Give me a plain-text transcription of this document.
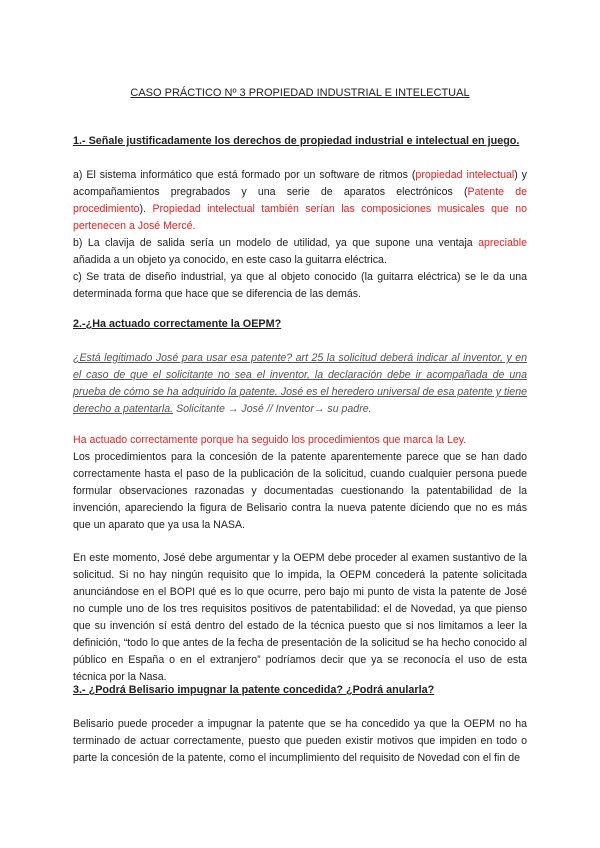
CASO PRÁCTICO Nº 3 PROPIEDAD INDUSTRIAL E INTELECTUAL
1.- Señale justificadamente los derechos de propiedad industrial e intelectual en juego.

a) El sistema informático que está formado por un software de ritmos (propiedad intelectual) y acompañamientos pregrabados y una serie de aparatos electrónicos (Patente de procedimiento). Propiedad intelectual también serían las composiciones musicales que no pertenecen a José Mercé.

b) La clavija de salida sería un modelo de utilidad, ya que supone una ventaja apreciable añadida a un objeto ya conocido, en este caso la guitarra eléctrica.

c) Se trata de diseño industrial, ya que al objeto conocido (la guitarra eléctrica) se le da una determinada forma que hace que se diferencia de las demás.

2.-¿Ha actuado correctamente la OEPM?

¿Está legitimado José para usar esa patente? art 25 la solicitud deberá indicar al inventor, y en el caso de que el solicitante no sea el inventor, la declaración debe ir acompañada de una prueba de cómo se ha adquirido la patente. José es el heredero universal de esa patente y tiene derecho a patentarla. Solicitante → José // Inventor→ su padre.

Ha actuado correctamente porque ha seguido los procedimientos que marca la Ley.

Los procedimientos para la concesión de la patente aparentemente parece que se han dado correctamente hasta el paso de la publicación de la solicitud, cuando cualquier persona puede formular observaciones razonadas y documentadas cuestionando la patentabilidad de la invención, apareciendo la figura de Belisario contra la nueva patente diciendo que no es más que un aparato que ya usa la NASA.

En este momento, José debe argumentar y la OEPM debe proceder al examen sustantivo de la solicitud. Si no hay ningún requisito que lo impida, la OEPM concederá la patente solicitada anunciándose en el BOPI qué es lo que ocurre, pero bajo mi punto de vista la patente de José no cumple uno de los tres requisitos positivos de patentabilidad: el de Novedad, ya que pienso que su invención sí está dentro del estado de la técnica puesto que si nos limitamos a leer la definición, “todo lo que antes de la fecha de presentación de la solicitud se ha hecho conocido al público en España o en el extranjero” podríamos decir que ya se reconocía el uso de esta técnica por la Nasa.

3.- ¿Podrá Belisario impugnar la patente concedida? ¿Podrá anularla?

Belisario puede proceder a impugnar la patente que se ha concedido ya que la OEPM no ha terminado de actuar correctamente, puesto que pueden existir motivos que impiden en todo o parte la concesión de la patente, como el incumplimiento del requisito de Novedad con el fin de
